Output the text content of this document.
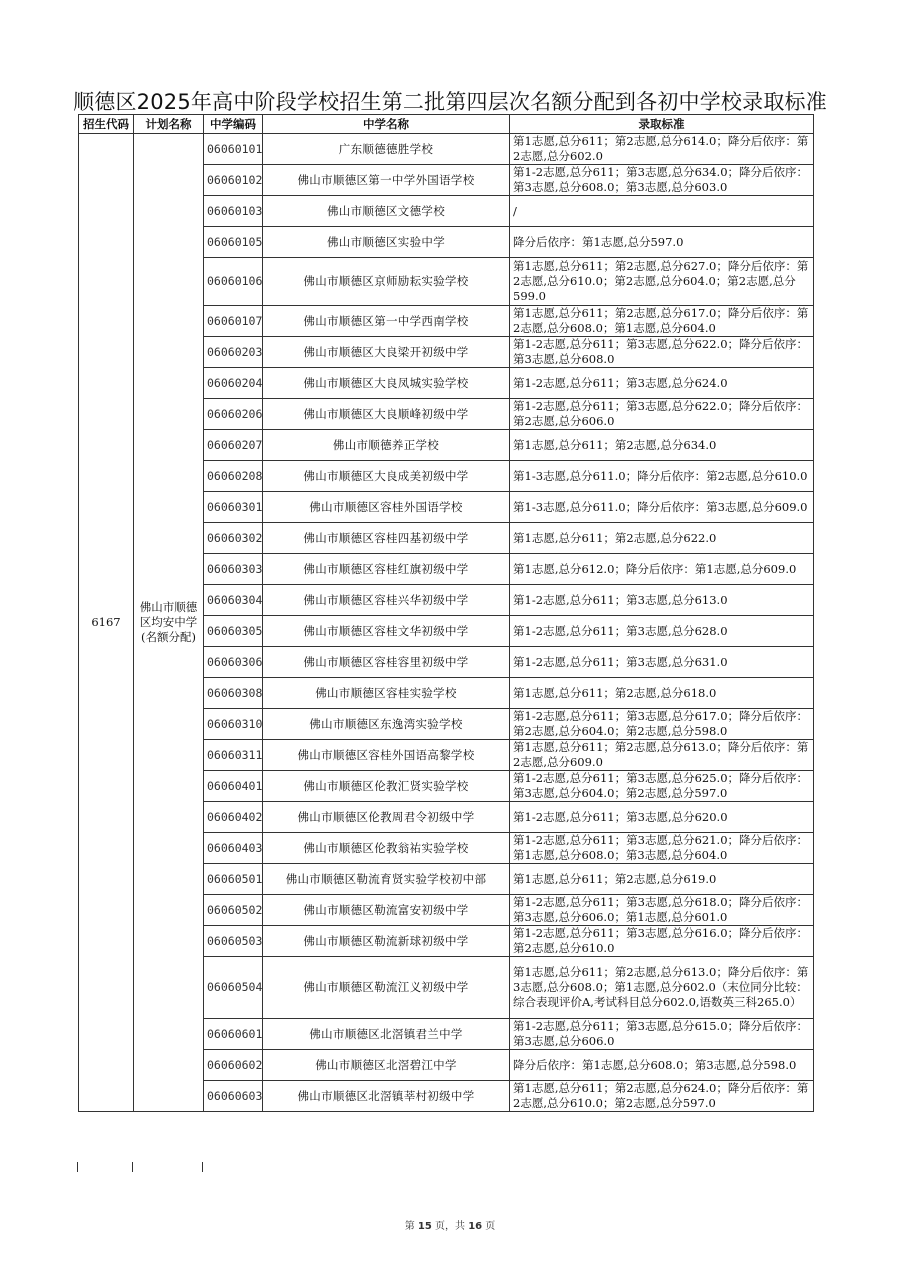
顺德区2025年高中阶段学校招生第二批第四层次名额分配到各初中学校录取标准
招生代码	计划名称	中学编码	中学名称	录取标准
6167	佛山市顺德区均安中学(名额分配)	06060101	广东顺德德胜学校	第1志愿,总分611；第2志愿,总分614.0；降分后依序：第2志愿,总分602.0
		06060102	佛山市顺德区第一中学外国语学校	第1-2志愿,总分611；第3志愿,总分634.0；降分后依序：第3志愿,总分608.0；第3志愿,总分603.0
		06060103	佛山市顺德区文德学校	/
		06060105	佛山市顺德区实验中学	降分后依序：第1志愿,总分597.0
		06060106	佛山市顺德区京师励耘实验学校	第1志愿,总分611；第2志愿,总分627.0；降分后依序：第2志愿,总分610.0；第2志愿,总分604.0；第2志愿,总分599.0
		06060107	佛山市顺德区第一中学西南学校	第1志愿,总分611；第2志愿,总分617.0；降分后依序：第2志愿,总分608.0；第1志愿,总分604.0
		06060203	佛山市顺德区大良梁开初级中学	第1-2志愿,总分611；第3志愿,总分622.0；降分后依序：第3志愿,总分608.0
		06060204	佛山市顺德区大良凤城实验学校	第1-2志愿,总分611；第3志愿,总分624.0
		06060206	佛山市顺德区大良顺峰初级中学	第1-2志愿,总分611；第3志愿,总分622.0；降分后依序：第2志愿,总分606.0
		06060207	佛山市顺德养正学校	第1志愿,总分611；第2志愿,总分634.0
		06060208	佛山市顺德区大良成美初级中学	第1-3志愿,总分611.0；降分后依序：第2志愿,总分610.0
		06060301	佛山市顺德区容桂外国语学校	第1-3志愿,总分611.0；降分后依序：第3志愿,总分609.0
		06060302	佛山市顺德区容桂四基初级中学	第1志愿,总分611；第2志愿,总分622.0
		06060303	佛山市顺德区容桂红旗初级中学	第1志愿,总分612.0；降分后依序：第1志愿,总分609.0
		06060304	佛山市顺德区容桂兴华初级中学	第1-2志愿,总分611；第3志愿,总分613.0
		06060305	佛山市顺德区容桂文华初级中学	第1-2志愿,总分611；第3志愿,总分628.0
		06060306	佛山市顺德区容桂容里初级中学	第1-2志愿,总分611；第3志愿,总分631.0
		06060308	佛山市顺德区容桂实验学校	第1志愿,总分611；第2志愿,总分618.0
		06060310	佛山市顺德区东逸湾实验学校	第1-2志愿,总分611；第3志愿,总分617.0；降分后依序：第2志愿,总分604.0；第2志愿,总分598.0
		06060311	佛山市顺德区容桂外国语高黎学校	第1志愿,总分611；第2志愿,总分613.0；降分后依序：第2志愿,总分609.0
		06060401	佛山市顺德区伦教汇贤实验学校	第1-2志愿,总分611；第3志愿,总分625.0；降分后依序：第3志愿,总分604.0；第2志愿,总分597.0
		06060402	佛山市顺德区伦教周君令初级中学	第1-2志愿,总分611；第3志愿,总分620.0
		06060403	佛山市顺德区伦教翁祐实验学校	第1-2志愿,总分611；第3志愿,总分621.0；降分后依序：第1志愿,总分608.0；第3志愿,总分604.0
		06060501	佛山市顺德区勒流育贤实验学校初中部	第1志愿,总分611；第2志愿,总分619.0
		06060502	佛山市顺德区勒流富安初级中学	第1-2志愿,总分611；第3志愿,总分618.0；降分后依序：第3志愿,总分606.0；第1志愿,总分601.0
		06060503	佛山市顺德区勒流新球初级中学	第1-2志愿,总分611；第3志愿,总分616.0；降分后依序：第2志愿,总分610.0
		06060504	佛山市顺德区勒流江义初级中学	第1志愿,总分611；第2志愿,总分613.0；降分后依序：第3志愿,总分608.0；第1志愿,总分602.0（末位同分比较：综合表现评价A,考试科目总分602.0,语数英三科265.0）
		06060601	佛山市顺德区北滘镇君兰中学	第1-2志愿,总分611；第3志愿,总分615.0；降分后依序：第3志愿,总分606.0
		06060602	佛山市顺德区北滘碧江中学	降分后依序：第1志愿,总分608.0；第3志愿,总分598.0
		06060603	佛山市顺德区北滘镇莘村初级中学	第1志愿,总分611；第2志愿,总分624.0；降分后依序：第2志愿,总分610.0；第2志愿,总分597.0
第 15 页，共 16 页
